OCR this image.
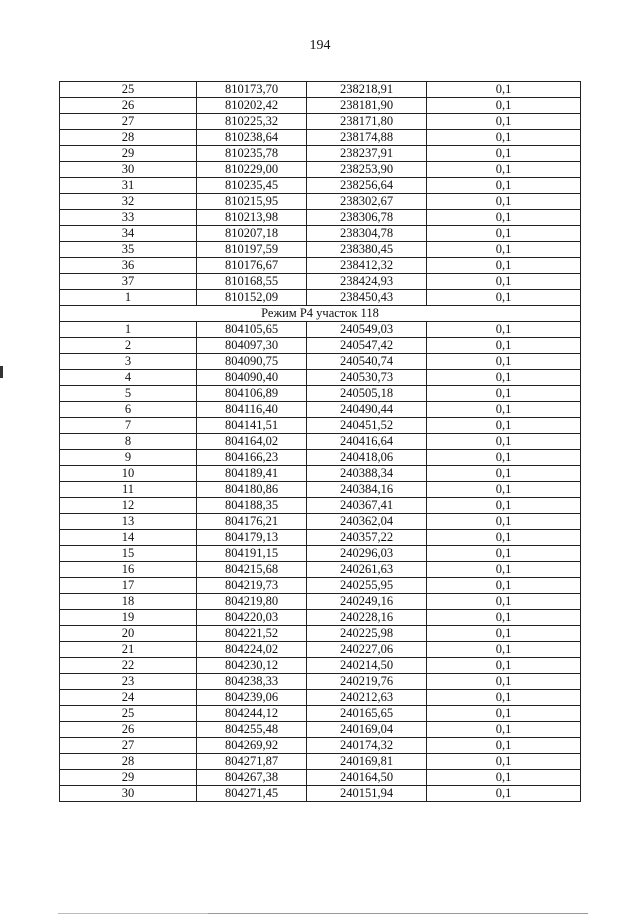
194
25	810173,70	238218,91	0,1
26	810202,42	238181,90	0,1
27	810225,32	238171,80	0,1
28	810238,64	238174,88	0,1
29	810235,78	238237,91	0,1
30	810229,00	238253,90	0,1
31	810235,45	238256,64	0,1
32	810215,95	238302,67	0,1
33	810213,98	238306,78	0,1
34	810207,18	238304,78	0,1
35	810197,59	238380,45	0,1
36	810176,67	238412,32	0,1
37	810168,55	238424,93	0,1
1	810152,09	238450,43	0,1
Режим Р4 участок 118			
1	804105,65	240549,03	0,1
2	804097,30	240547,42	0,1
3	804090,75	240540,74	0,1
4	804090,40	240530,73	0,1
5	804106,89	240505,18	0,1
6	804116,40	240490,44	0,1
7	804141,51	240451,52	0,1
8	804164,02	240416,64	0,1
9	804166,23	240418,06	0,1
10	804189,41	240388,34	0,1
11	804180,86	240384,16	0,1
12	804188,35	240367,41	0,1
13	804176,21	240362,04	0,1
14	804179,13	240357,22	0,1
15	804191,15	240296,03	0,1
16	804215,68	240261,63	0,1
17	804219,73	240255,95	0,1
18	804219,80	240249,16	0,1
19	804220,03	240228,16	0,1
20	804221,52	240225,98	0,1
21	804224,02	240227,06	0,1
22	804230,12	240214,50	0,1
23	804238,33	240219,76	0,1
24	804239,06	240212,63	0,1
25	804244,12	240165,65	0,1
26	804255,48	240169,04	0,1
27	804269,92	240174,32	0,1
28	804271,87	240169,81	0,1
29	804267,38	240164,50	0,1
30	804271,45	240151,94	0,1
